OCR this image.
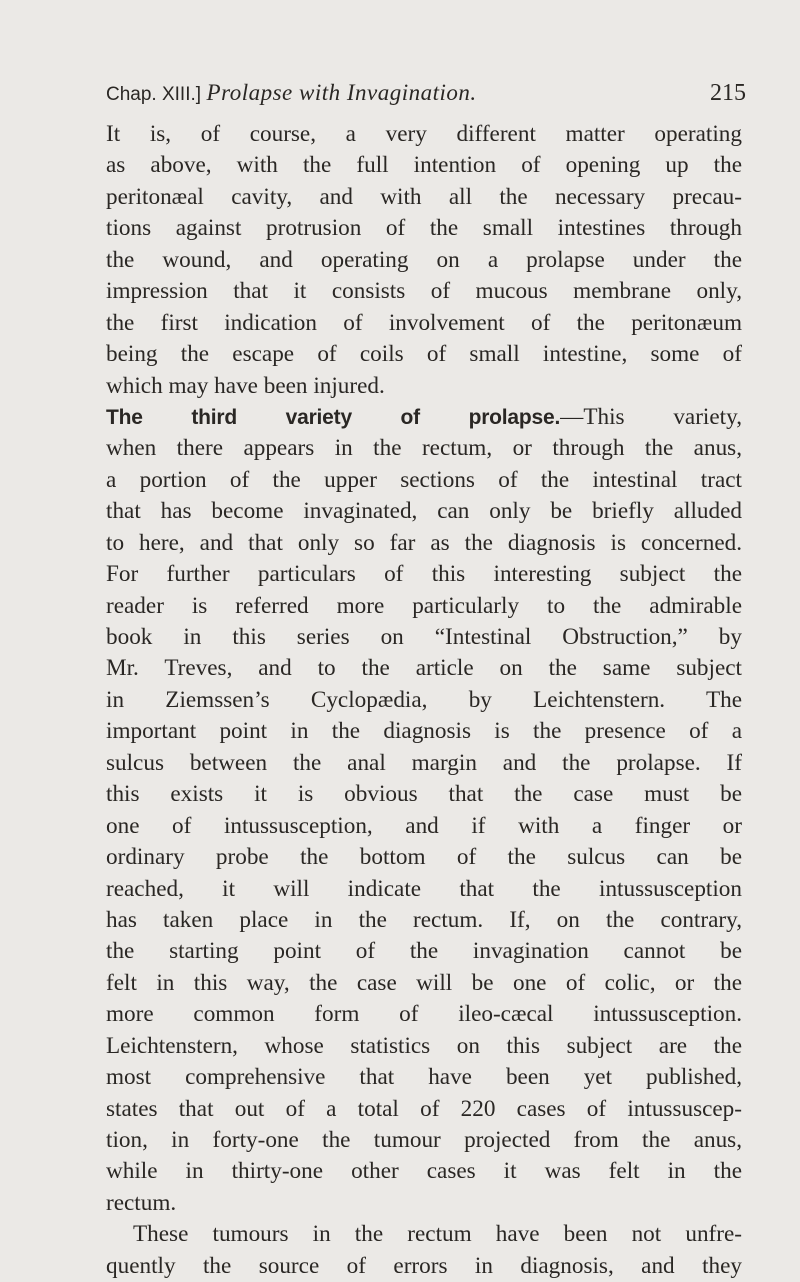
Chap. XIII.] Prolapse with Invagination.	215
It is, of course, a very different matter operating
as above, with the full intention of opening up the
peritonæal cavity, and with all the necessary precau-
tions against protrusion of the small intestines through
the wound, and operating on a prolapse under the
impression that it consists of mucous membrane only,
the first indication of involvement of the peritonæum
being the escape of coils of small intestine, some of
which may have been injured.
The third variety of prolapse.—This variety,
when there appears in the rectum, or through the anus,
a portion of the upper sections of the intestinal tract
that has become invaginated, can only be briefly alluded
to here, and that only so far as the diagnosis is concerned.
For further particulars of this interesting subject the
reader is referred more particularly to the admirable
book in this series on “Intestinal Obstruction,” by
Mr. Treves, and to the article on the same subject
in Ziemssen’s Cyclopædia, by Leichtenstern. The
important point in the diagnosis is the presence of a
sulcus between the anal margin and the prolapse. If
this exists it is obvious that the case must be
one of intussusception, and if with a finger or
ordinary probe the bottom of the sulcus can be
reached, it will indicate that the intussusception
has taken place in the rectum. If, on the contrary,
the starting point of the invagination cannot be
felt in this way, the case will be one of colic, or the
more common form of ileo-cæcal intussusception.
Leichtenstern, whose statistics on this subject are the
most comprehensive that have been yet published,
states that out of a total of 220 cases of intussuscep-
tion, in forty-one the tumour projected from the anus,
while in thirty-one other cases it was felt in the
rectum.
These tumours in the rectum have been not unfre-
quently the source of errors in diagnosis, and they
